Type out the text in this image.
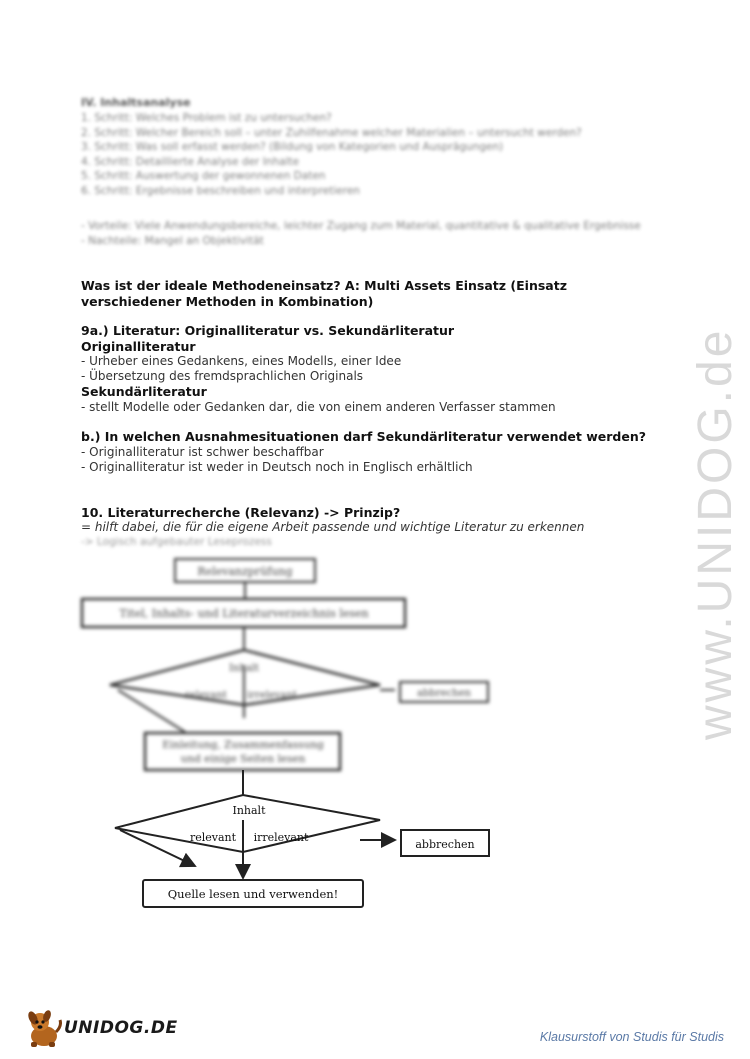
IV. Inhaltsanalyse
1. Schritt: Welches Problem ist zu untersuchen?
2. Schritt: Welcher Bereich soll – unter Zuhilfenahme welcher Materialien – untersucht werden?
3. Schritt: Was soll erfasst werden? (Bildung von Kategorien und Ausprägungen)
4. Schritt: Detaillierte Analyse der Inhalte
5. Schritt: Auswertung der gewonnenen Daten
6. Schritt: Ergebnisse beschreiben und interpretieren
- Vorteile: Viele Anwendungsbereiche, leichter Zugang zum Material, quantitative & qualitative Ergebnisse
- Nachteile: Mangel an Objektivität
Was ist der ideale Methodeneinsatz? A: Multi Assets Einsatz (Einsatz verschiedener Methoden in Kombination)
9a.) Literatur: Originalliteratur vs. Sekundärliteratur
Originalliteratur
- Urheber eines Gedankens, eines Modells, einer Idee
- Übersetzung des fremdsprachlichen Originals
Sekundärliteratur
- stellt Modelle oder Gedanken dar, die von einem anderen Verfasser stammen
b.) In welchen Ausnahmesituationen darf Sekundärliteratur verwendet werden?
- Originalliteratur ist schwer beschaffbar
- Originalliteratur ist weder in Deutsch noch in Englisch erhältlich
10. Literaturrecherche (Relevanz) -> Prinzip?
= hilft dabei, die für die eigene Arbeit passende und wichtige Literatur zu erkennen
-> Logisch aufgebauter Leseprozess
Relevanzprüfung
Titel, Inhalts- und Literaturverzeichnis lesen
Inhalt
relevant irrelevant	abbrechen
Einleitung, Zusammenfassung
und einige Seiten lesen
Inhalt
relevant irrelevant
abbrechen
Quelle lesen und verwenden!
www.UNIDOG.de
UNIDOG.DE	Klausurstoff von Studis für Studis
